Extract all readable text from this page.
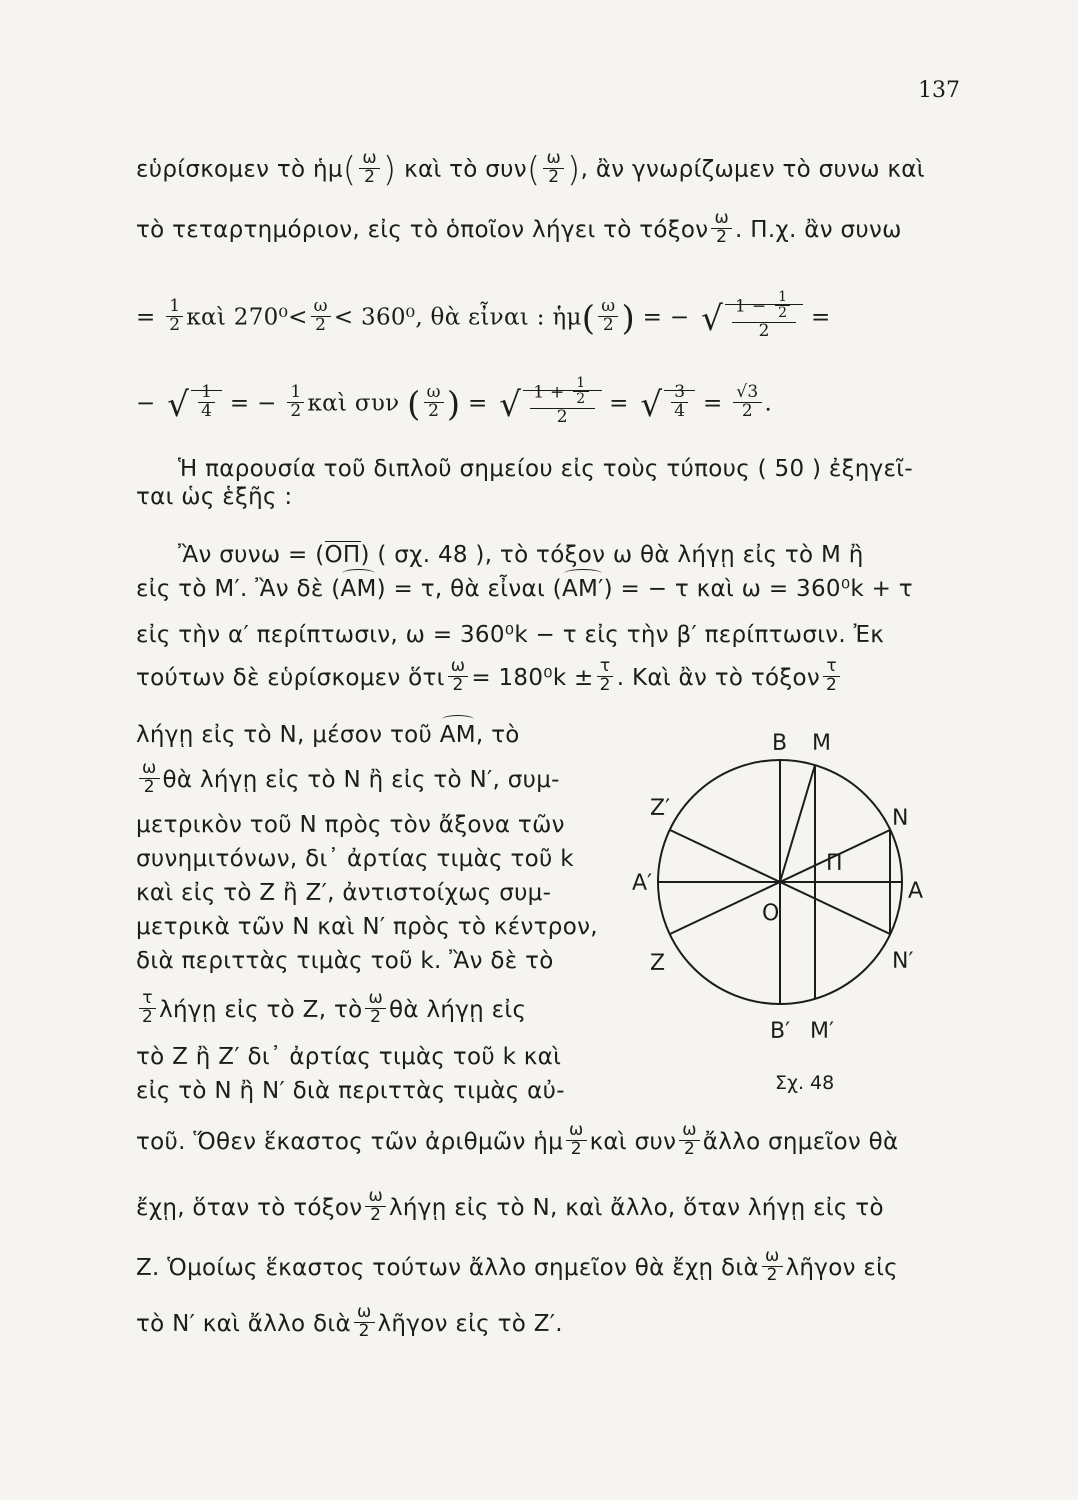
137
εὑρίσκομεν τὸ ἡμ( $\frac{\omega}{2}$ ) καὶ τὸ $\sigma\upsilon\nu( \frac{\omega}{2}$ ), ἂν γνωρίζωμεν τὸ συνω καὶ
τὸ τεταρτημόριον, εἰς τὸ ὁποῖον λήγει τὸ τόξον $\frac{\omega}{2}$ . Π.χ. ἂν συνω
= $\frac{1}{2}$ καὶ $270^0< \frac{\omega}{2} < 360^0$, θὰ εἶναι : ἡμ( $\frac{\omega}{2}$ ) = − √ $\frac{1 - \frac{1}{2}}{2}$ =
− √ $\frac{1}{4}$ = − $\frac{1}{2}$ καὶ συν ( $\frac{\omega}{2}$ ) = √ $\frac{1 + \frac{1}{2}}{2}$ = √ $\frac{3}{4} = \frac{√3}{2}$ .
Ἡ παρουσία τοῦ διπλοῦ σημείου εἰς τοὺς τύπους ( 50 ) ἐξηγεῖ-
ται ὡς ἑξῆς :
Ἂν συνω = (ΟΠ) ( σχ. 48 ), τὸ τόξον ω θὰ λήγῃ εἰς τὸ Μ ἢ
εἰς τὸ Μ′. Ἂν δὲ (ΑΜ) = τ, θὰ εἶναι (ΑΜ′) = − τ καὶ ω = 360⁰k + τ
εἰς τὴν α′ περίπτωσιν, ω = 360⁰k − τ εἰς τὴν β′ περίπτωσιν. Ἐκ
τούτων δὲ εὑρίσκομεν ὅτι $\frac{\omega}{2} = 180^0k \pm \frac{\tau}{2}$ . Καὶ ἂν τὸ τόξον $\frac{\tau}{2}$
λήγῃ εἰς τὸ Ν, μέσον τοῦ ΑΜ, τὸ
$\frac{\omega}{2}$ θὰ λήγῃ εἰς τὸ Ν ἢ εἰς τὸ Ν′, συμ-
μετρικὸν τοῦ Ν πρὸς τὸν ἄξονα τῶν
συνημιτόνων, δι᾽ ἀρτίας τιμὰς τοῦ k
καὶ εἰς τὸ Ζ ἢ Ζ′, ἀντιστοίχως συμ-
μετρικὰ τῶν Ν καὶ Ν′ πρὸς τὸ κέντρον,
διὰ περιττὰς τιμὰς τοῦ k. Ἂν δὲ τὸ
$\frac{\tau}{2}$ λήγῃ εἰς τὸ Ζ, τὸ $\frac{\omega}{2}$ θὰ λήγῃ εἰς
τὸ Ζ ἢ Ζ′ δι᾽ ἀρτίας τιμὰς τοῦ k καὶ
εἰς τὸ Ν ἢ Ν′ διὰ περιττὰς τιμὰς αὐ-
τοῦ. Ὅθεν ἕκαστος τῶν ἀριθμῶν ἡμ $\frac{\omega}{2}$ καὶ συν $\frac{\omega}{2}$ ἄλλο σημεῖον θὰ
ἔχῃ, ὅταν τὸ τόξον $\frac{\omega}{2}$ λήγῃ εἰς τὸ Ν, καὶ ἄλλο, ὅταν λήγῃ εἰς τὸ
Ζ. Ὁμοίως ἕκαστος τούτων ἄλλο σημεῖον θὰ ἔχῃ διὰ $\frac{\omega}{2}$ λῆγον εἰς
τὸ Ν′ καὶ ἄλλο διὰ $\frac{\omega}{2}$ λῆγον εἰς τὸ Ζ′.
Β Μ
Ζ′	Ν
Π
Α′	Α
Ο
Ζ	Ν′
Β′ Μ′
Σχ. 48
